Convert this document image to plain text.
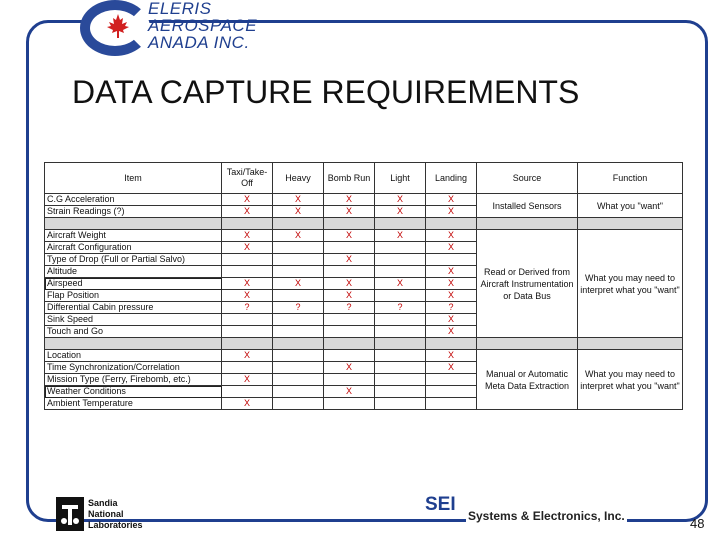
ELERIS
AEROSPACE
ANADA INC.
DATA CAPTURE REQUIREMENTS
Item	Taxi/Take-Off	Heavy	Bomb Run	Light	Landing	Source	Function
C.G Acceleration	X	X	X	X	X	Installed Sensors	What you "want"
Strain Readings (?)	X	X	X	X	X		

Aircraft Weight	X	X	X	X	X	Read or Derived from Aircraft Instrumentation or Data Bus	What you may need to interpret what you "want"
Aircraft Configuration	X				X		
Type of Drop (Full or Partial Salvo)			X				
Altitude					X		
Airspeed	X	X	X	X	X		
Flap Position	X		X		X		
Differential Cabin pressure	?	?	?	?	?		
Sink Speed					X		
Touch and Go					X		

Location	X				X	Manual or Automatic Meta Data Extraction	What you may need to interpret what you "want"
Time Synchronization/Correlation			X		X		
Mission Type (Ferry, Firebomb, etc.)	X						
Weather Conditions			X				
Ambient Temperature	X						
Sandia
National
Laboratories
SEI
Systems & Electronics, Inc.	48
